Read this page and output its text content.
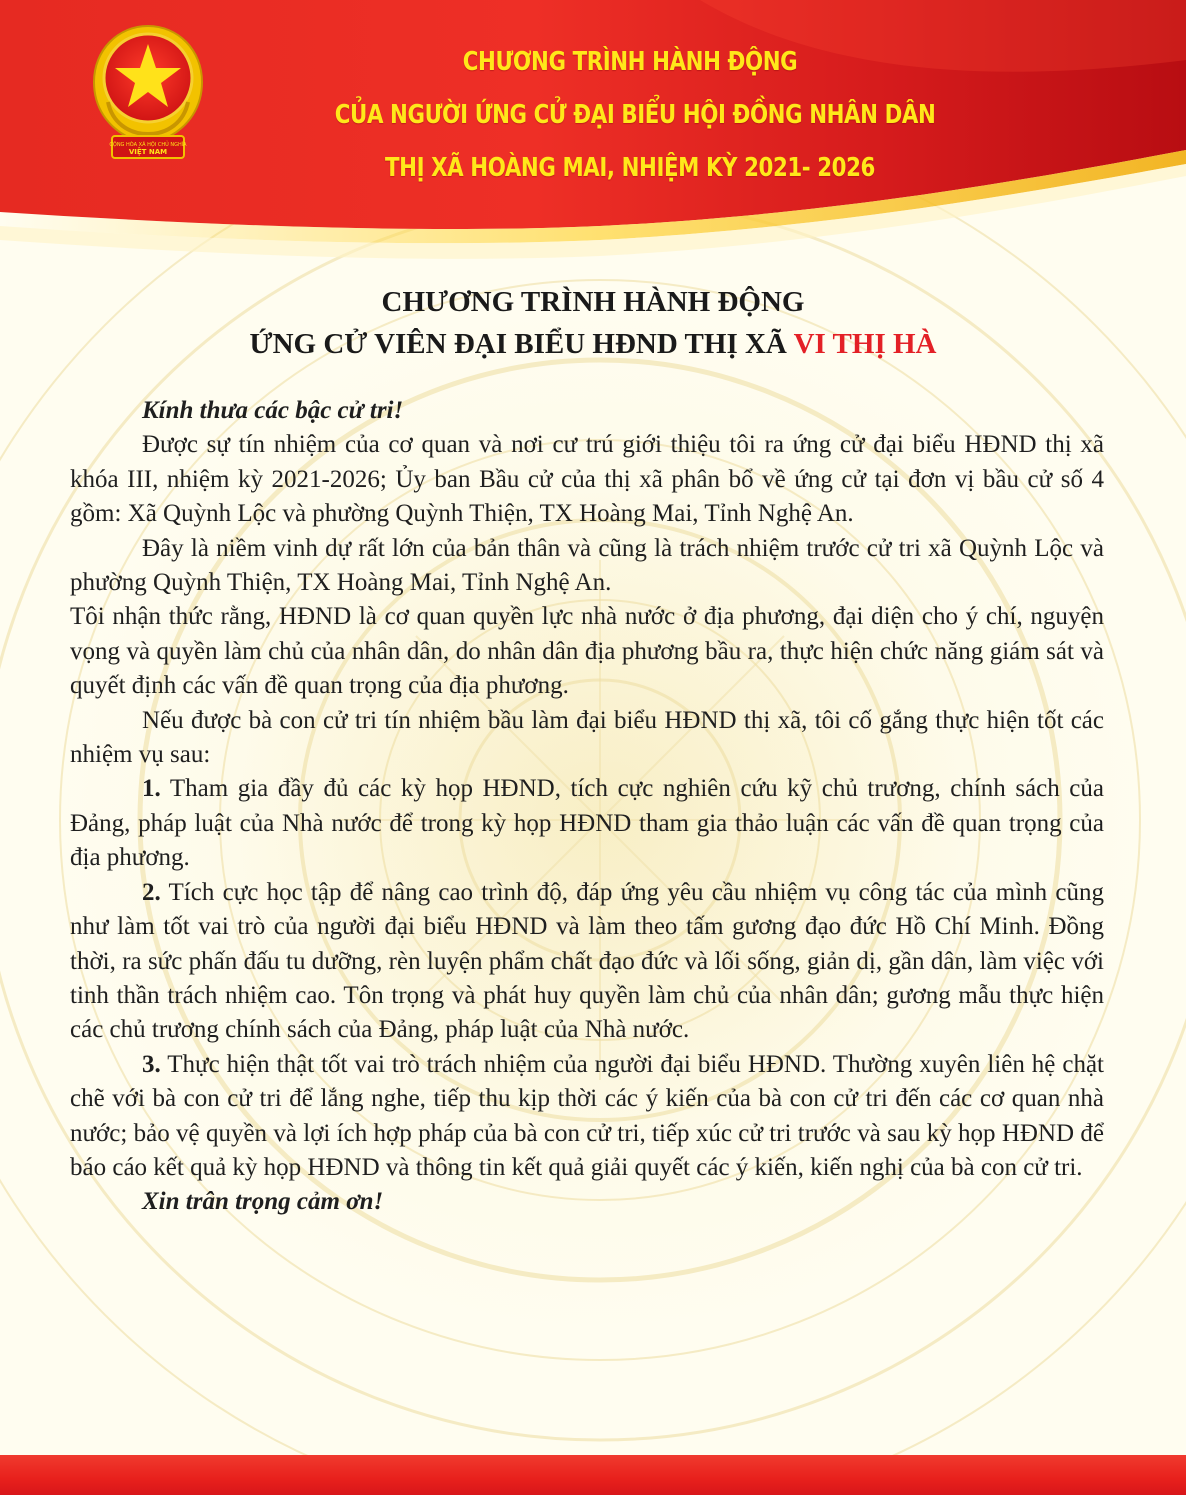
CỘNG HÒA XÃ HỘI CHỦ NGHĨA
VIỆT NAM
CHƯƠNG TRÌNH HÀNH ĐỘNG
CỦA NGƯỜI ỨNG CỬ ĐẠI BIỂU HỘI ĐỒNG NHÂN DÂN
THỊ XÃ HOÀNG MAI, NHIỆM KỲ 2021- 2026
CHƯƠNG TRÌNH HÀNH ĐỘNG
ỨNG CỬ VIÊN ĐẠI BIỂU HĐND THỊ XÃ VI THỊ HÀ

Kính thưa các bậc cử tri!

Được sự tín nhiệm của cơ quan và nơi cư trú giới thiệu tôi ra ứng cử đại biểu HĐND thị xã khóa III, nhiệm kỳ 2021-2026; Ủy ban Bầu cử của thị xã phân bổ về ứng cử tại đơn vị bầu cử số 4 gồm: Xã Quỳnh Lộc và phường Quỳnh Thiện, TX Hoàng Mai, Tỉnh Nghệ An.

Đây là niềm vinh dự rất lớn của bản thân và cũng là trách nhiệm trước cử tri xã Quỳnh Lộc và phường Quỳnh Thiện, TX Hoàng Mai, Tỉnh Nghệ An.

Tôi nhận thức rằng, HĐND là cơ quan quyền lực nhà nước ở địa phương, đại diện cho ý chí, nguyện vọng và quyền làm chủ của nhân dân, do nhân dân địa phương bầu ra, thực hiện chức năng giám sát và quyết định các vấn đề quan trọng của địa phương.

Nếu được bà con cử tri tín nhiệm bầu làm đại biểu HĐND thị xã, tôi cố gắng thực hiện tốt các nhiệm vụ sau:

1. Tham gia đầy đủ các kỳ họp HĐND, tích cực nghiên cứu kỹ chủ trương, chính sách của Đảng, pháp luật của Nhà nước để trong kỳ họp HĐND tham gia thảo luận các vấn đề quan trọng của địa phương.

2. Tích cực học tập để nâng cao trình độ, đáp ứng yêu cầu nhiệm vụ công tác của mình cũng như làm tốt vai trò của người đại biểu HĐND và làm theo tấm gương đạo đức Hồ Chí Minh. Đồng thời, ra sức phấn đấu tu dưỡng, rèn luyện phẩm chất đạo đức và lối sống, giản dị, gần dân, làm việc với tinh thần trách nhiệm cao. Tôn trọng và phát huy quyền làm chủ của nhân dân; gương mẫu thực hiện các chủ trương chính sách của Đảng, pháp luật của Nhà nước.

3. Thực hiện thật tốt vai trò trách nhiệm của người đại biểu HĐND. Thường xuyên liên hệ chặt chẽ với bà con cử tri để lắng nghe, tiếp thu kịp thời các ý kiến của bà con cử tri đến các cơ quan nhà nước; bảo vệ quyền và lợi ích hợp pháp của bà con cử tri, tiếp xúc cử tri trước và sau kỳ họp HĐND để báo cáo kết quả kỳ họp HĐND và thông tin kết quả giải quyết các ý kiến, kiến nghị của bà con cử tri.

Xin trân trọng cảm ơn!
